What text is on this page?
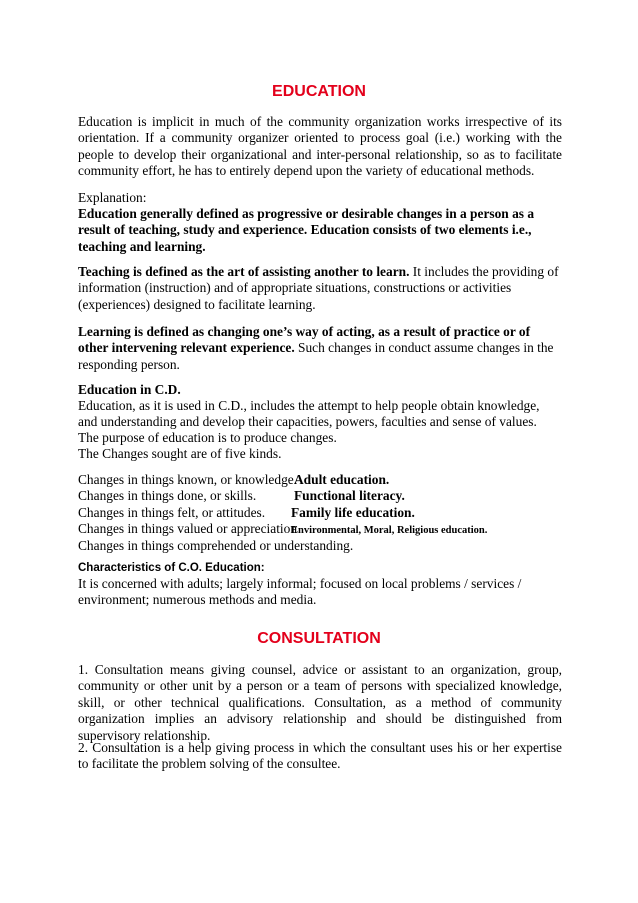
EDUCATION

Education is implicit in much of the community organization works irrespective of its orientation. If a community organizer oriented to process goal (i.e.) working with the people to develop their organizational and inter-personal relationship, so as to facilitate community effort, he has to entirely depend upon the variety of educational methods.

Explanation:

Education generally defined as progressive or desirable changes in a person as a result of teaching, study and experience. Education consists of two elements i.e., teaching and learning.

Teaching is defined as the art of assisting another to learn. It includes the providing of information (instruction) and of appropriate situations, constructions or activities (experiences) designed to facilitate learning.

Learning is defined as changing one’s way of acting, as a result of practice or of other intervening relevant experience. Such changes in conduct assume changes in the responding person.

Education in C.D.

Education, as it is used in C.D., includes the attempt to help people obtain knowledge, and understanding and develop their capacities, powers, faculties and sense of values.

The purpose of education is to produce changes.

The Changes sought are of five kinds.

Changes in things known, or knowledge.
Adult education.
Changes in things done, or skills.	Functional literacy.
Changes in things felt, or attitudes. Family life education.
Changes in things valued or appreciation
Environmental, Moral, Religious education.
Changes in things comprehended or understanding.

Characteristics of C.O. Education:

It is concerned with adults; largely informal; focused on local problems / services / environment; numerous methods and media.

CONSULTATION

1. Consultation means giving counsel, advice or assistant to an organization, group, community or other unit by a person or a team of persons with specialized knowledge, skill, or other technical qualifications. Consultation, as a method of community organization implies an advisory relationship and should be distinguished from supervisory relationship.

2. Consultation is a help giving process in which the consultant uses his or her expertise to facilitate the problem solving of the consultee.
